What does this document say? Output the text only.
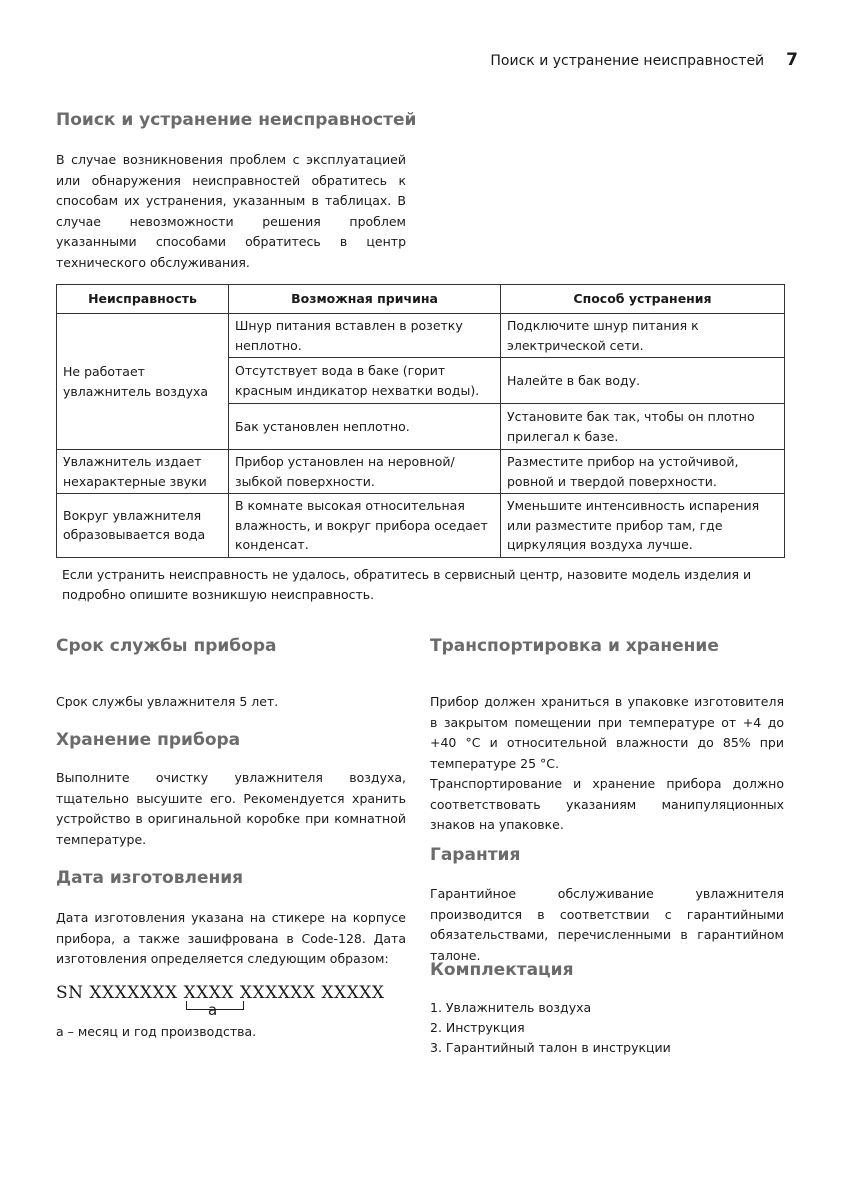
Поиск и устранение неисправностей 7
Поиск и устранение неисправностей
В случае возникновения проблем с эксплуатацией или обнаружения неисправностей обратитесь к способам их устранения, указанным в таблицах. В случае невозможности решения проблем указанными способами обратитесь в центр технического обслуживания.
Неисправность	Возможная причина	Способ устранения
Не работает увлажнитель воздуха	Шнур питания вставлен в розетку неплотно.	Подключите шнур питания к электрической сети.
	Отсутствует вода в баке (горит красным индикатор нехватки воды).	Налейте в бак воду.
	Бак установлен неплотно.	Установите бак так, чтобы он плотно прилегал к базе.
Увлажнитель издает нехарактерные звуки	Прибор установлен на неровной/ зыбкой поверхности.	Разместите прибор на устойчивой, ровной и твердой поверхности.
Вокруг увлажнителя образовывается вода	В комнате высокая относительная влажность, и вокруг прибора оседает конденсат.	Уменьшите интенсивность испарения или разместите прибор там, где циркуляция воздуха лучше.
Если устранить неисправность не удалось, обратитесь в сервисный центр, назовите модель изделия и подробно опишите возникшую неисправность.
Срок службы прибора
Срок службы увлажнителя 5 лет.
Хранение прибора
Выполните очистку увлажнителя воздуха, тщательно высушите его. Рекомендуется хранить устройство в оригинальной коробке при комнатной температуре.
Дата изготовления
Дата изготовления указана на стикере на корпусе прибора, а также зашифрована в Code-128. Дата изготовления определяется следующим образом:
SN XXXXXXX XXXX XXXXXX XXXXX
a
а – месяц и год производства.
Транспортировка и хранение

Прибор должен храниться в упаковке изготовителя в закрытом помещении при температуре от +4 до +40 °С и относительной влажности до 85% при температуре 25 °С.

Транспортирование и хранение прибора должно соответствовать указаниям манипуляционных знаков на упаковке.

Гарантия
Гарантийное обслуживание увлажнителя производится в соответствии с гарантийными обязательствами, перечисленными в гарантийном талоне.
Комплектация
1. Увлажнитель воздуха
2. Инструкция
3. Гарантийный талон в инструкции
